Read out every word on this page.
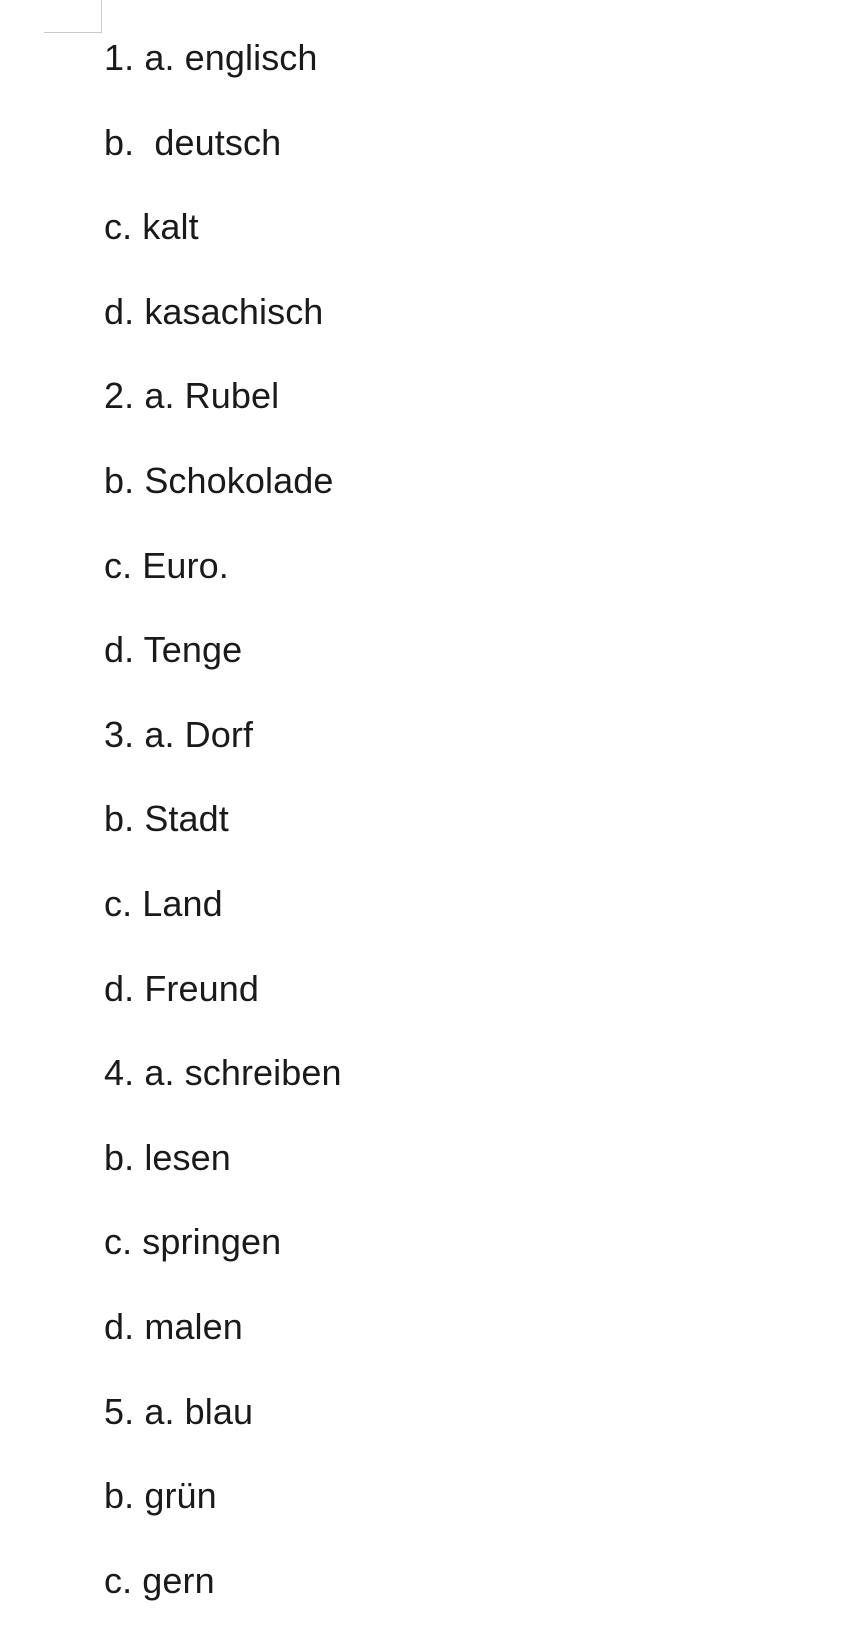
1. a. englisch
b.  deutsch
c. kalt
d. kasachisch
2. a. Rubel
b. Schokolade
c. Euro.
d. Tenge
3. a. Dorf
b. Stadt
c. Land
d. Freund
4. a. schreiben
b. lesen
c. springen
d. malen
5. a. blau
b. grün
c. gern
